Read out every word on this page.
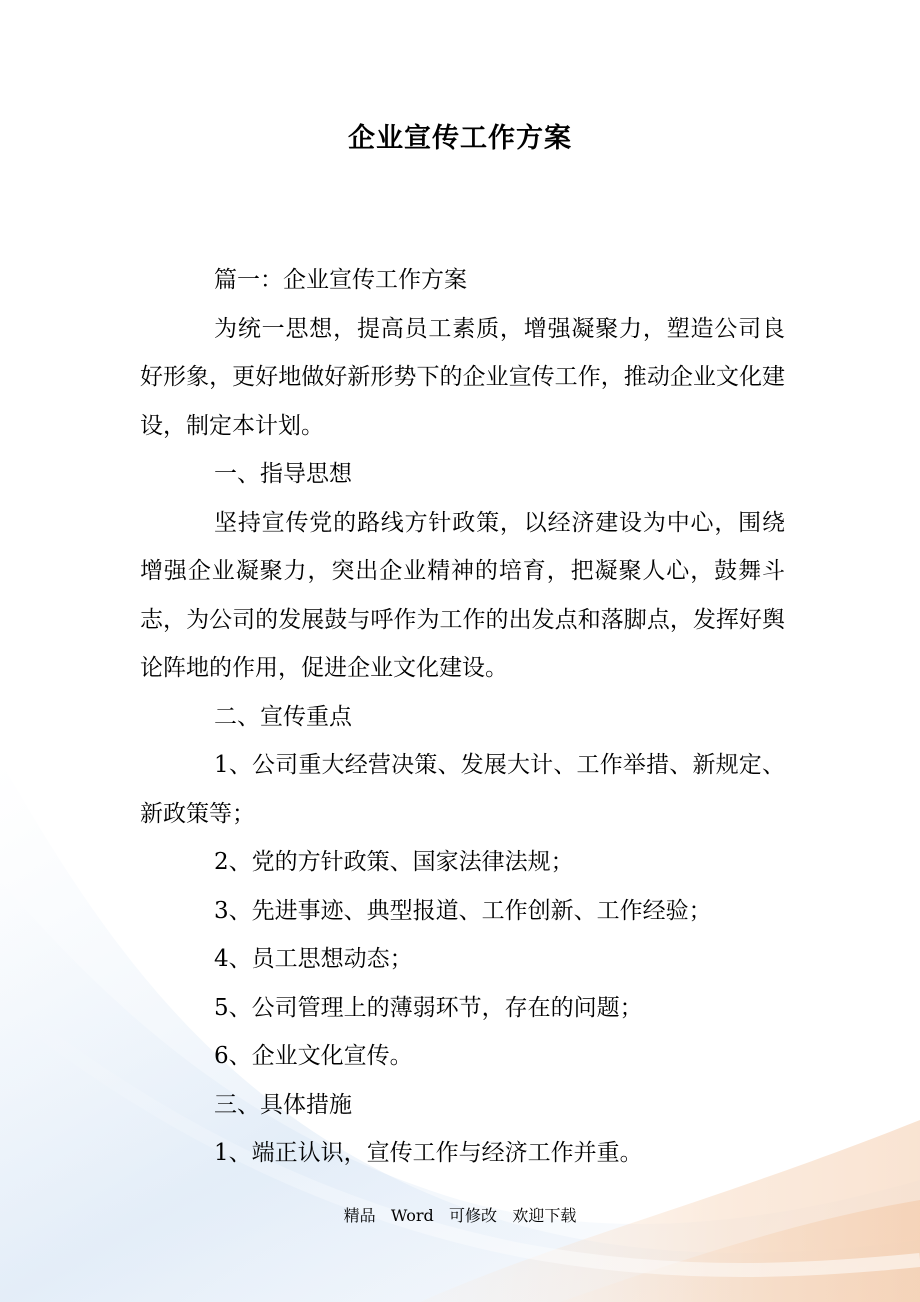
企业宣传工作方案

篇一：企业宣传工作方案

为统一思想，提高员工素质，增强凝聚力，塑造公司良好形象，更好地做好新形势下的企业宣传工作，推动企业文化建设，制定本计划。

一、指导思想

坚持宣传党的路线方针政策，以经济建设为中心，围绕增强企业凝聚力，突出企业精神的培育，把凝聚人心，鼓舞斗志，为公司的发展鼓与呼作为工作的出发点和落脚点，发挥好舆论阵地的作用，促进企业文化建设。

二、宣传重点

1、公司重大经营决策、发展大计、工作举措、新规定、新政策等；

2、党的方针政策、国家法律法规；

3、先进事迹、典型报道、工作创新、工作经验；

4、员工思想动态；

5、公司管理上的薄弱环节，存在的问题；

6、企业文化宣传。

三、具体措施

1、端正认识，宣传工作与经济工作并重。

精品   Word   可修改   欢迎下载
